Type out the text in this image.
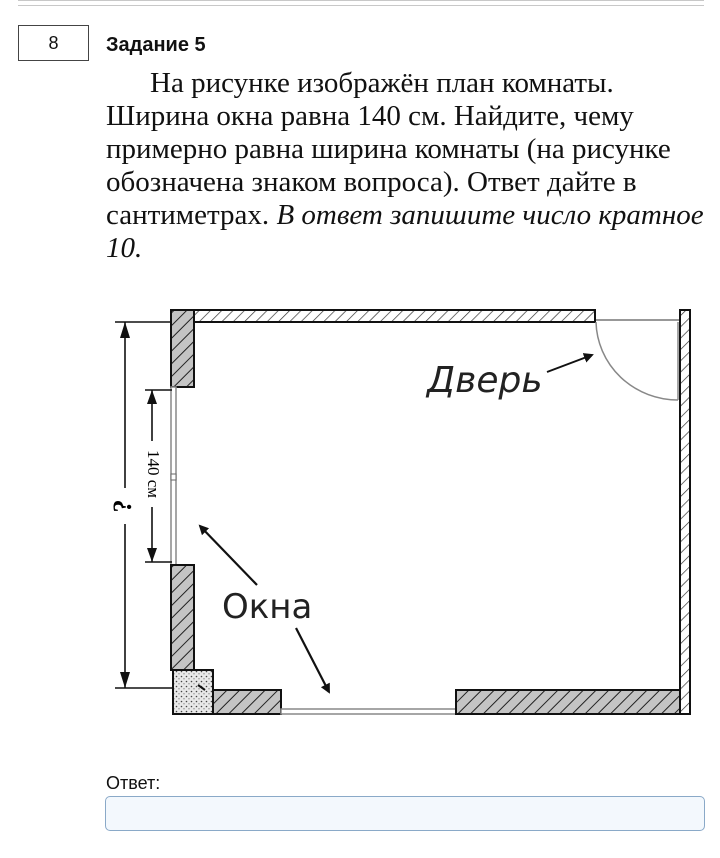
8	Задание 5

На рисунке изображён план комнаты. Ширина окна равна 140 см. Найдите, чему примерно равна ширина комнаты (на рисунке обозначена знаком вопроса). Ответ дайте в сантиметрах. В ответ запишите число кратное 10.

?
140 см
Дверь
Окна
Ответ:
